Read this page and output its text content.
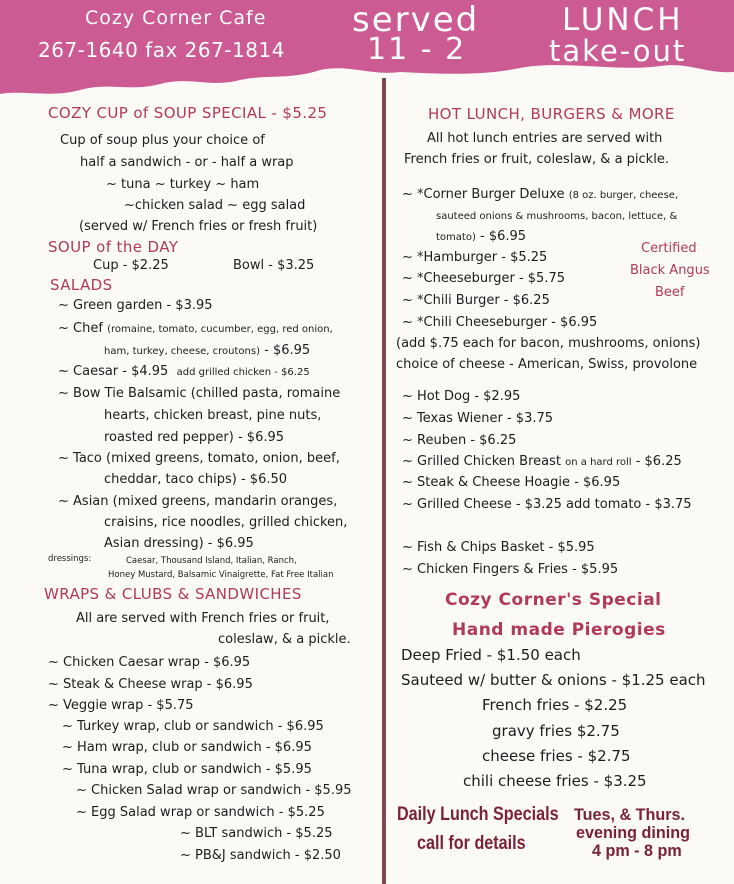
Cozy Corner Cafe
267-1640 fax 267-1814
served
11 - 2
LUNCH
take-out
COZY CUP of SOUP SPECIAL - $5.25
Cup of soup plus your choice of
half a sandwich - or - half a wrap
~ tuna ~ turkey ~ ham
~chicken salad ~ egg salad
(served w/ French fries or fresh fruit)
SOUP of the DAY
Cup - $2.25	Bowl - $3.25
SALADS
~ Green garden - $3.95
~ Chef (romaine, tomato, cucumber, egg, red onion,
ham, turkey, cheese, croutons) - $6.95
~ Caesar - $4.95 add grilled chicken - $6.25
~ Bow Tie Balsamic (chilled pasta, romaine
hearts, chicken breast, pine nuts,
roasted red pepper) - $6.95
~ Taco (mixed greens, tomato, onion, beef,
cheddar, taco chips) - $6.50
~ Asian (mixed greens, mandarin oranges,
craisins, rice noodles, grilled chicken,
Asian dressing) - $6.95
dressings:	Caesar, Thousand Island, Italian, Ranch,
Honey Mustard, Balsamic Vinaigrette, Fat Free Italian
WRAPS & CLUBS & SANDWICHES
All are served with French fries or fruit,
coleslaw, & a pickle.
~ Chicken Caesar wrap - $6.95
~ Steak & Cheese wrap - $6.95
~ Veggie wrap - $5.75
~ Turkey wrap, club or sandwich - $6.95
~ Ham wrap, club or sandwich - $6.95
~ Tuna wrap, club or sandwich - $5.95
~ Chicken Salad wrap or sandwich - $5.95
~ Egg Salad wrap or sandwich - $5.25
~ BLT sandwich - $5.25
~ PB&J sandwich - $2.50
HOT LUNCH, BURGERS & MORE
All hot lunch entries are served with
French fries or fruit, coleslaw, & a pickle.
~ *Corner Burger Deluxe (8 oz. burger, cheese,
sauteed onions & mushrooms, bacon, lettuce, &
tomato) - $6.95
~ *Hamburger - $5.25
~ *Cheeseburger - $5.75
~ *Chili Burger - $6.25
~ *Chili Cheeseburger - $6.95
Certified
Black Angus
Beef
(add $.75 each for bacon, mushrooms, onions)
choice of cheese - American, Swiss, provolone
~ Hot Dog - $2.95
~ Texas Wiener - $3.75
~ Reuben - $6.25
~ Grilled Chicken Breast on a hard roll - $6.25
~ Steak & Cheese Hoagie - $6.95
~ Grilled Cheese - $3.25 add tomato - $3.75
~ Fish & Chips Basket - $5.95
~ Chicken Fingers & Fries - $5.95
Cozy Corner's Special
Hand made Pierogies
Deep Fried - $1.50 each
Sauteed w/ butter & onions - $1.25 each
French fries - $2.25
gravy fries $2.75
cheese fries - $2.75
chili cheese fries - $3.25
Daily Lunch Specials
call for details
Tues, & Thurs.
evening dining
4 pm - 8 pm
